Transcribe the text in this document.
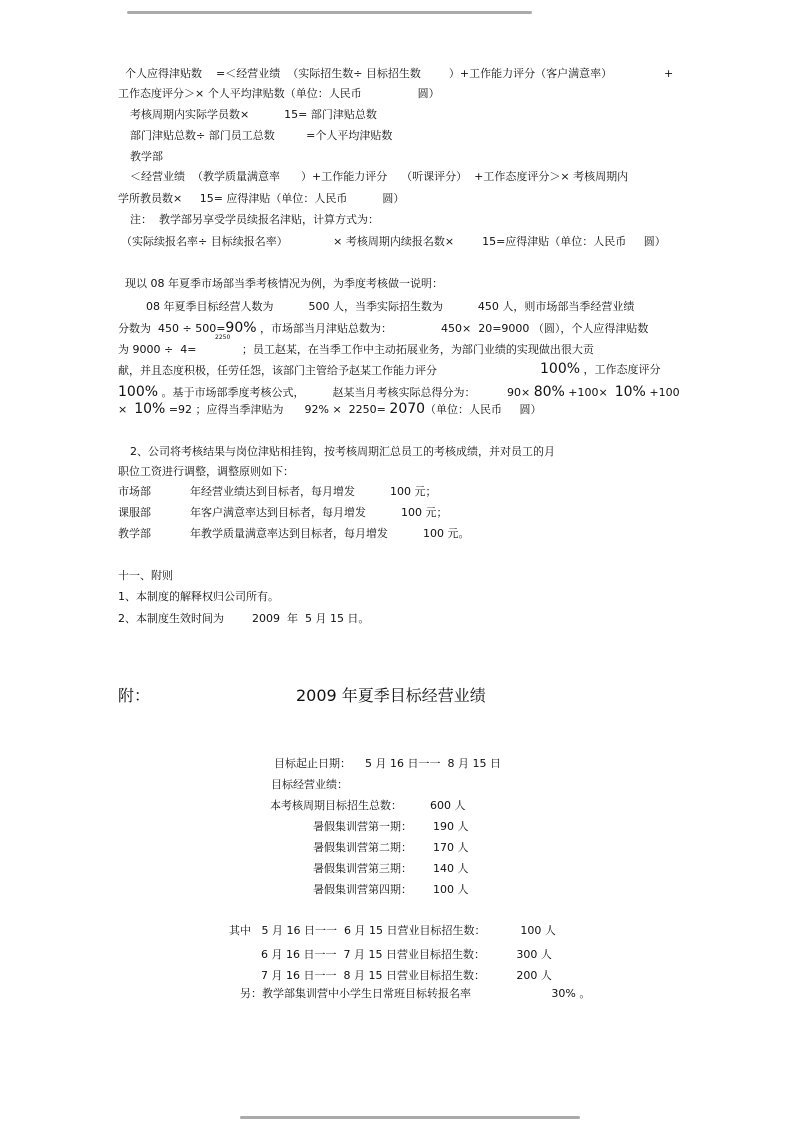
个人应得津贴数    =＜经营业绩  （实际招生数÷ 目标招生数        ）+工作能力评分（客户满意率）	+
工作态度评分＞× 个人平均津贴数（单位：人民币                圆）
考核周期内实际学员数×          15= 部门津贴总数
部门津贴总数÷ 部门员工总数         =个人平均津贴数
教学部
＜经营业绩  （教学质量满意率      ）+工作能力评分    （听课评分）  +工作态度评分＞× 考核周期内
学所教员数×     15= 应得津贴（单位：人民币          圆）
注：  教学部另享受学员续报名津贴，计算方式为：
（实际续报名率÷ 目标续报名率）             × 考核周期内续报名数×        15=应得津贴（单位：人民币     圆）
现以 08 年夏季市场部当季考核情况为例，为季度考核做一说明：
08 年夏季目标经营人数为          500 人，当季实际招生数为          450 人，则市场部当季经营业绩
分数为  450 ÷ 500=90% ，市场部当月津贴总数为：              450×  20=9000 （圆），个人应得津贴数
2250
为 9000 ÷  4=             ；员工赵某，在当季工作中主动拓展业务，为部门业绩的实现做出很大贡
献，并且态度积极，任劳任怨，该部门主管给予赵某工作能力评分	100% ，工作态度评分
100% 。基于市场部季度考核公式，        赵某当月考核实际总得分为：         90× 80% +100×  10% +100
×  10% =92 ；应得当季津贴为      92% ×  2250= 2070（单位：人民币     圆）
2、公司将考核结果与岗位津贴相挂钩，按考核周期汇总员工的考核成绩，并对员工的月
职位工资进行调整，调整原则如下：
市场部	年经营业绩达到目标者，每月增发          100 元；
课服部	年客户满意率达到目标者，每月增发          100 元；
教学部	年教学质量满意率达到目标者，每月增发          100 元。
十一、附则
1、本制度的解释权归公司所有。
2、本制度生效时间为        2009  年  5 月 15 日。
附：	2009 年夏季目标经营业绩
目标起止日期：    5 月 16 日一一  8 月 15 日
目标经营业绩：
本考核周期目标招生总数：        600 人
暑假集训营第一期：      190 人
暑假集训营第二期：      170 人
暑假集训营第三期：      140 人
暑假集训营第四期：      100 人
其中   5 月 16 日一一  6 月 15 日营业目标招生数：          100 人
6 月 16 日一一  7 月 15 日营业目标招生数：         300 人
7 月 16 日一一  8 月 15 日营业目标招生数：         200 人
另：教学部集训营中小学生日常班目标转报名率                       30% 。
